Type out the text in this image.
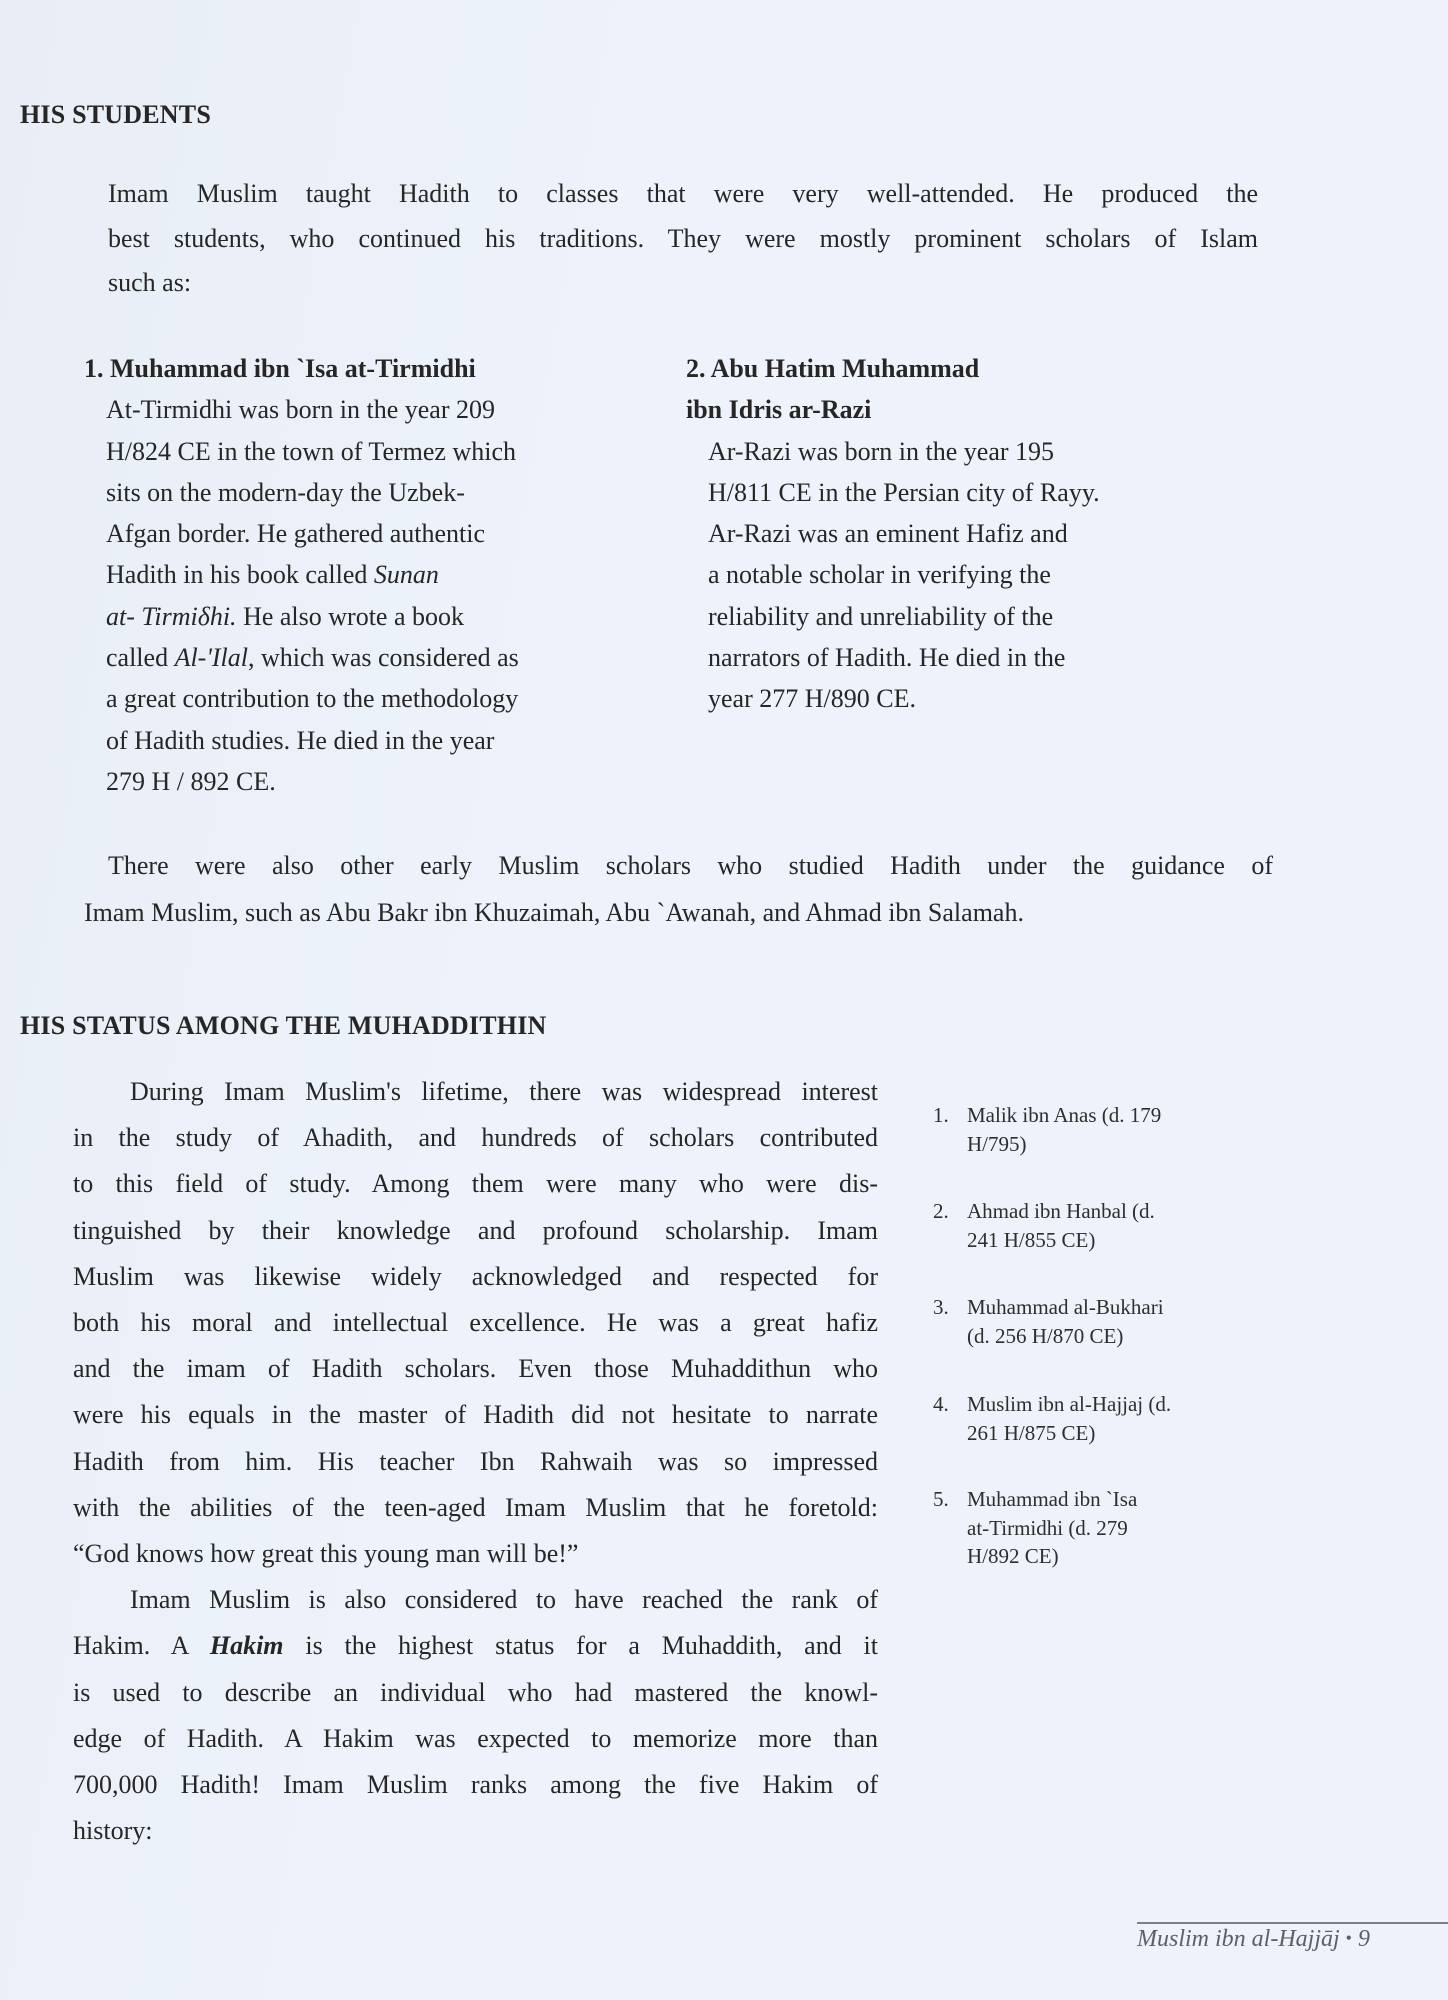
HIS STUDENTS
Imam Muslim taught Hadith to classes that were very well-attended. He produced the
best students, who continued his traditions. They were mostly prominent scholars of Islam
such as:
1. Muhammad ibn `Isa at-Tirmidhi
At-Tirmidhi was born in the year 209
H/824 CE in the town of Termez which
sits on the modern-day the Uzbek-
Afgan border. He gathered authentic
Hadith in his book called Sunan
at- Tirmiδhi. He also wrote a book
called Al-'Ilal, which was considered as
a great contribution to the methodology
of Hadith studies. He died in the year
279 H / 892 CE.
2. Abu Hatim Muhammad
ibn Idris ar-Razi
Ar-Razi was born in the year 195
H/811 CE in the Persian city of Rayy.
Ar-Razi was an eminent Hafiz and
a notable scholar in verifying the
reliability and unreliability of the
narrators of Hadith. He died in the
year 277 H/890 CE.
There were also other early Muslim scholars who studied Hadith under the guidance of
Imam Muslim, such as Abu Bakr ibn Khuzaimah, Abu `Awanah, and Ahmad ibn Salamah.
HIS STATUS AMONG THE MUHADDITHIN
During Imam Muslim's lifetime, there was widespread interest
in the study of Ahadith, and hundreds of scholars contributed
to this field of study. Among them were many who were dis-
tinguished by their knowledge and profound scholarship. Imam
Muslim was likewise widely acknowledged and respected for
both his moral and intellectual excellence. He was a great hafiz
and the imam of Hadith scholars. Even those Muhaddithun who
were his equals in the master of Hadith did not hesitate to narrate
Hadith from him. His teacher Ibn Rahwaih was so impressed
with the abilities of the teen-aged Imam Muslim that he foretold:
“God knows how great this young man will be!”
Imam Muslim is also considered to have reached the rank of
Hakim. A Hakim is the highest status for a Muhaddith, and it
is used to describe an individual who had mastered the knowl-
edge of Hadith. A Hakim was expected to memorize more than
700,000 Hadith! Imam Muslim ranks among the five Hakim of
history:
1. Malik ibn Anas (d. 179
H/795)
2. Ahmad ibn Hanbal (d.
241 H/855 CE)
3. Muhammad al-Bukhari
(d. 256 H/870 CE)
4. Muslim ibn al-Hajjaj (d.
261 H/875 CE)
5. Muhammad ibn `Isa
at-Tirmidhi (d. 279
H/892 CE)
Muslim ibn al-Hajjāj • 9
